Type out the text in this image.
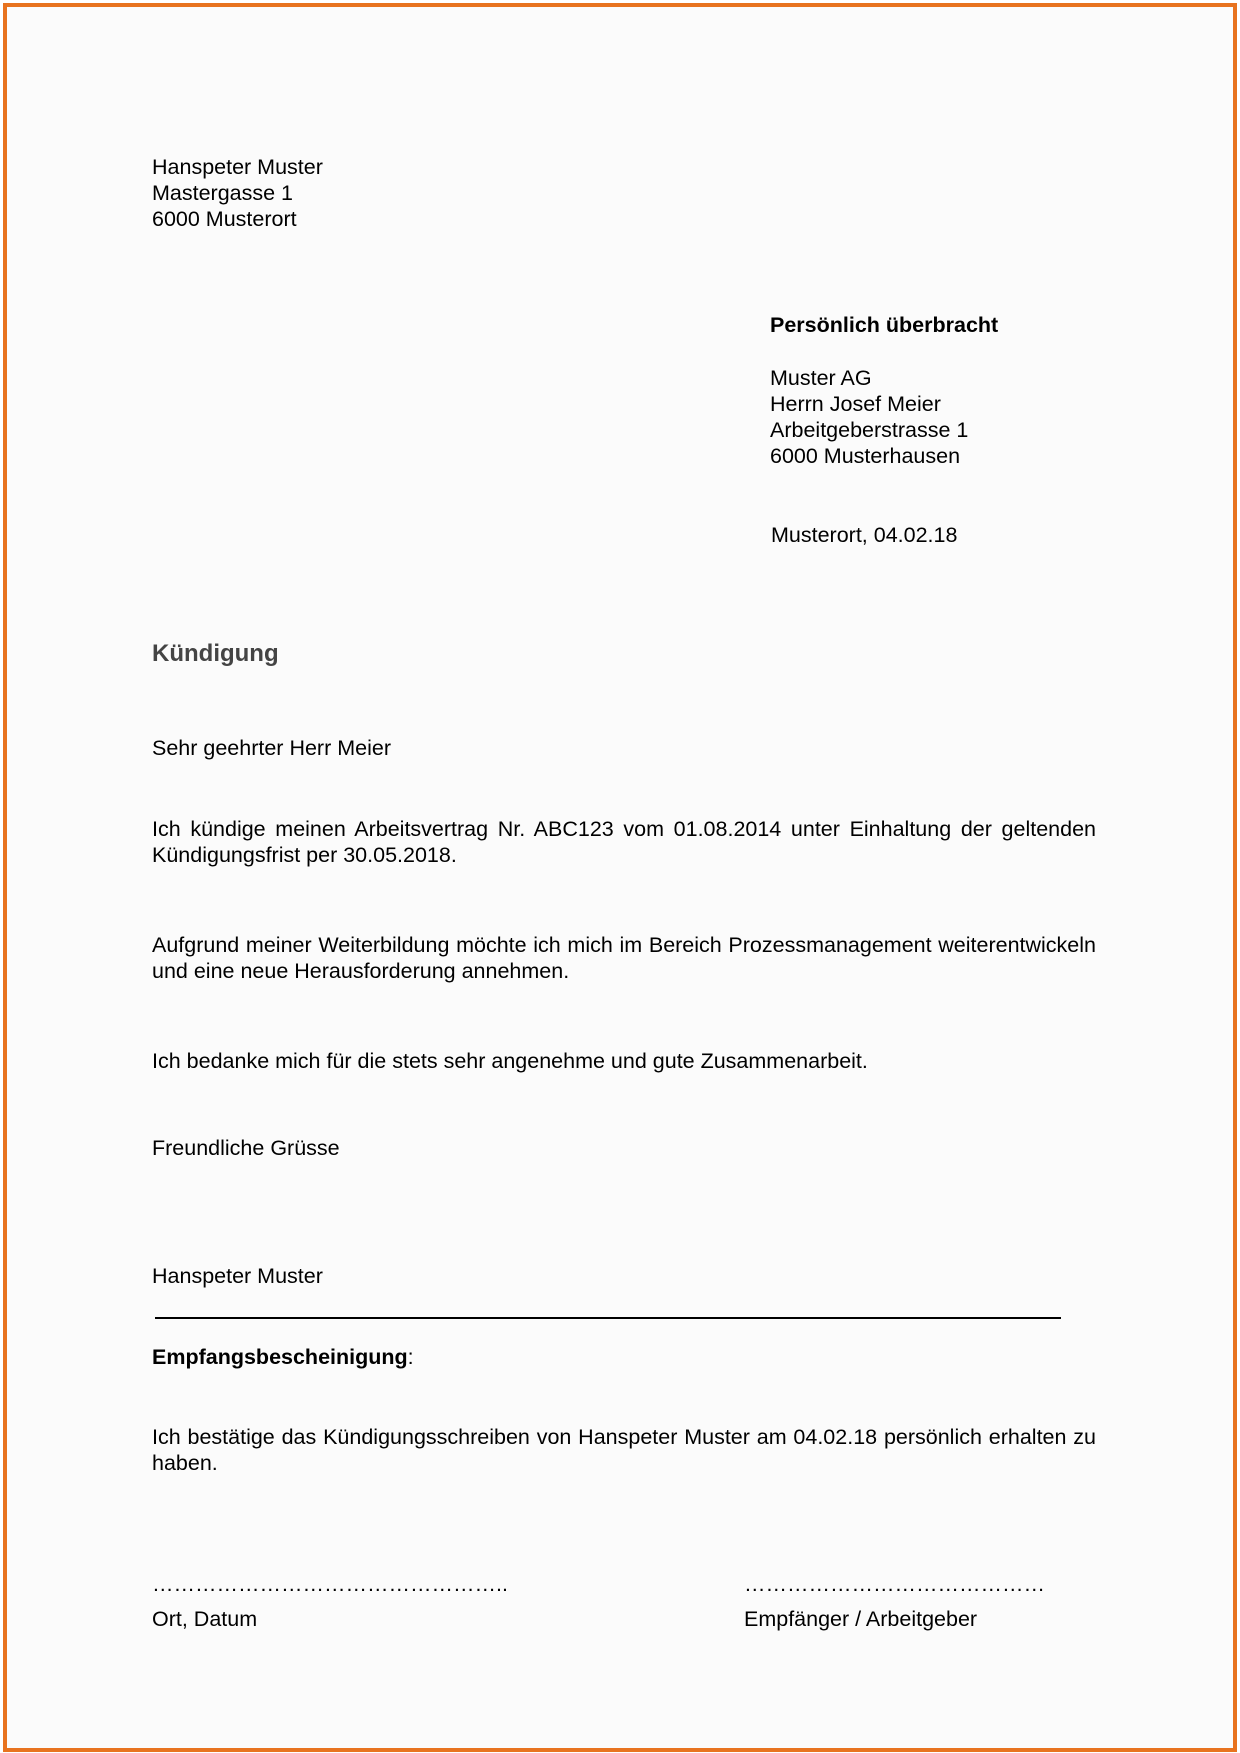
Hanspeter Muster
Mastergasse 1
6000 Musterort
Persönlich überbracht
Muster AG
Herrn Josef Meier
Arbeitgeberstrasse 1
6000 Musterhausen
Musterort, 04.02.18
Kündigung
Sehr geehrter Herr Meier
Ich kündige meinen Arbeitsvertrag Nr. ABC123 vom 01.08.2014 unter Einhaltung der geltenden Kündigungsfrist per 30.05.2018.
Aufgrund meiner Weiterbildung möchte ich mich im Bereich Prozessmanagement weiterentwickeln und eine neue Herausforderung annehmen.
Ich bedanke mich für die stets sehr angenehme und gute Zusammenarbeit.
Freundliche Grüsse
Hanspeter Muster
Empfangsbescheinigung:
Ich bestätige das Kündigungsschreiben von Hanspeter Muster am 04.02.18 persönlich erhalten zu haben.
…………………………………………..
Ort, Datum
……………………………………
Empfänger / Arbeitgeber
